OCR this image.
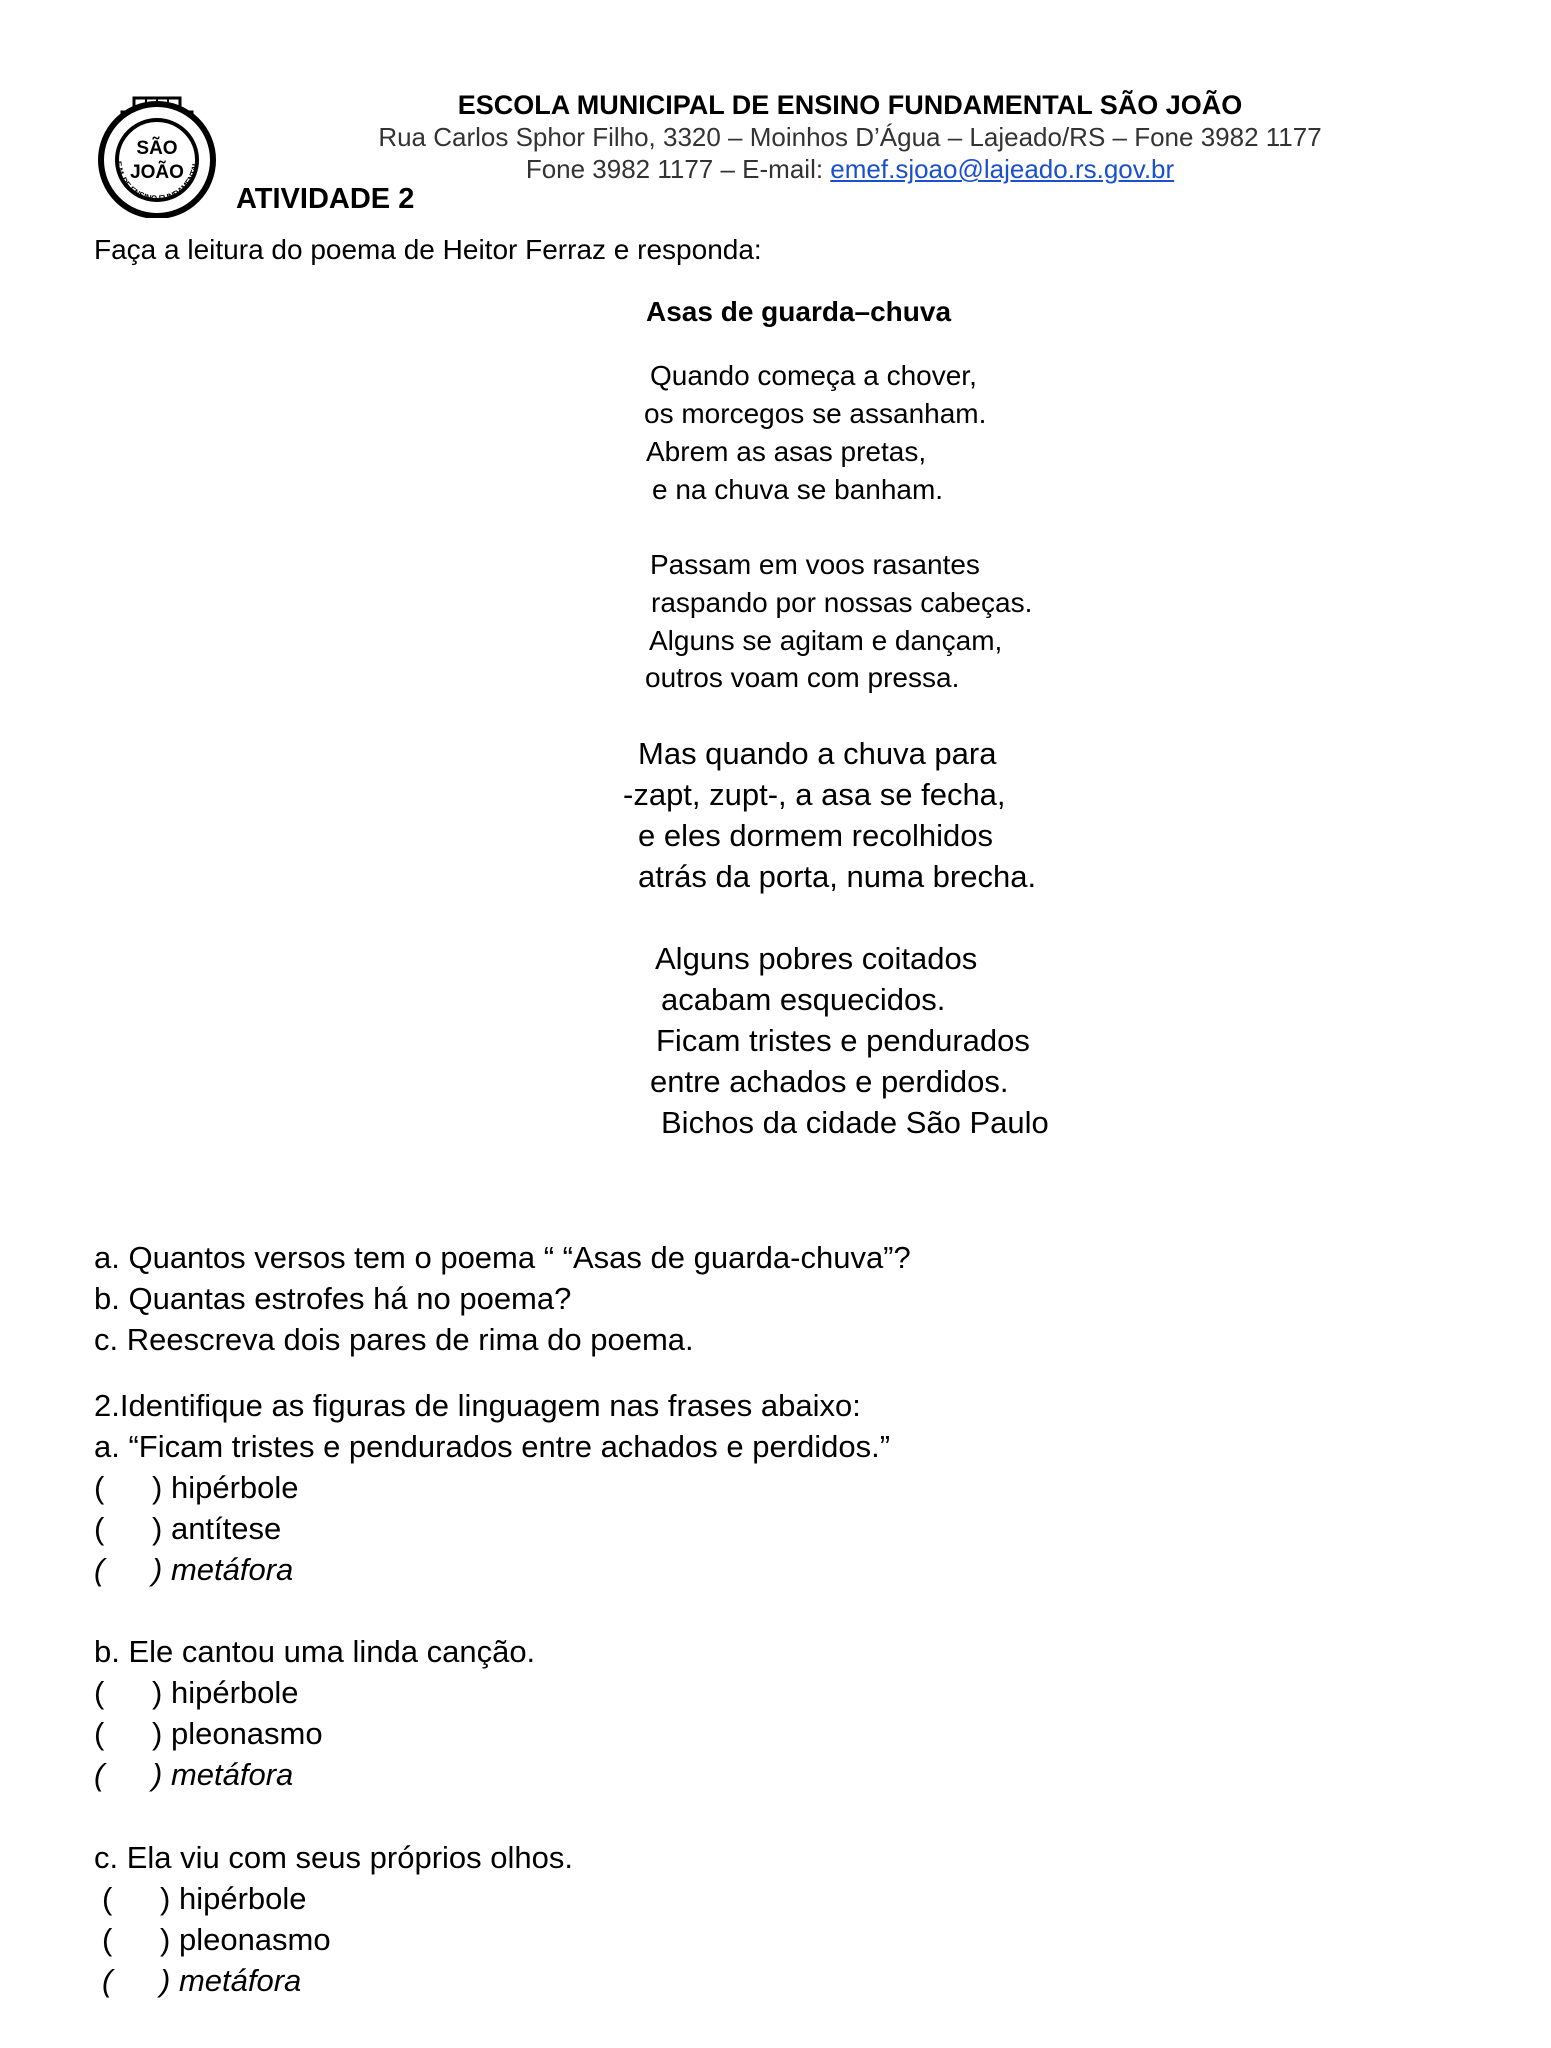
SÃO
JOÃO
E.M. DE ENSINO FUNDAMENTAL
ESCOLA MUNICIPAL DE ENSINO FUNDAMENTAL SÃO JOÃO
Rua Carlos Sphor Filho, 3320 – Moinhos D’Água – Lajeado/RS – Fone 3982 1177
Fone 3982 1177 – E-mail: emef.sjoao@lajeado.rs.gov.br
ATIVIDADE 2
Faça a leitura do poema de Heitor Ferraz e responda:
Asas de guarda–chuva
Quando começa a chover,
os morcegos se assanham.
Abrem as asas pretas,
e na chuva se banham.
Passam em voos rasantes
raspando por nossas cabeças.
Alguns se agitam e dançam,
outros voam com pressa.
Mas quando a chuva para
-zapt, zupt-, a asa se fecha,
e eles dormem recolhidos
atrás da porta, numa brecha.
Alguns pobres coitados
acabam esquecidos.
Ficam tristes e pendurados
entre achados e perdidos.
Bichos da cidade São Paulo
a. Quantos versos tem o poema “ “Asas de guarda-chuva”?
b. Quantas estrofes há no poema?
c. Reescreva dois pares de rima do poema.
2.Identifique as figuras de linguagem nas frases abaixo:
a. “Ficam tristes e pendurados entre achados e perdidos.”
( ) hipérbole
( ) antítese
( ) metáfora
b. Ele cantou uma linda canção.
( ) hipérbole
( ) pleonasmo
( ) metáfora
c. Ela viu com seus próprios olhos.
( ) hipérbole
( ) pleonasmo
( ) metáfora
